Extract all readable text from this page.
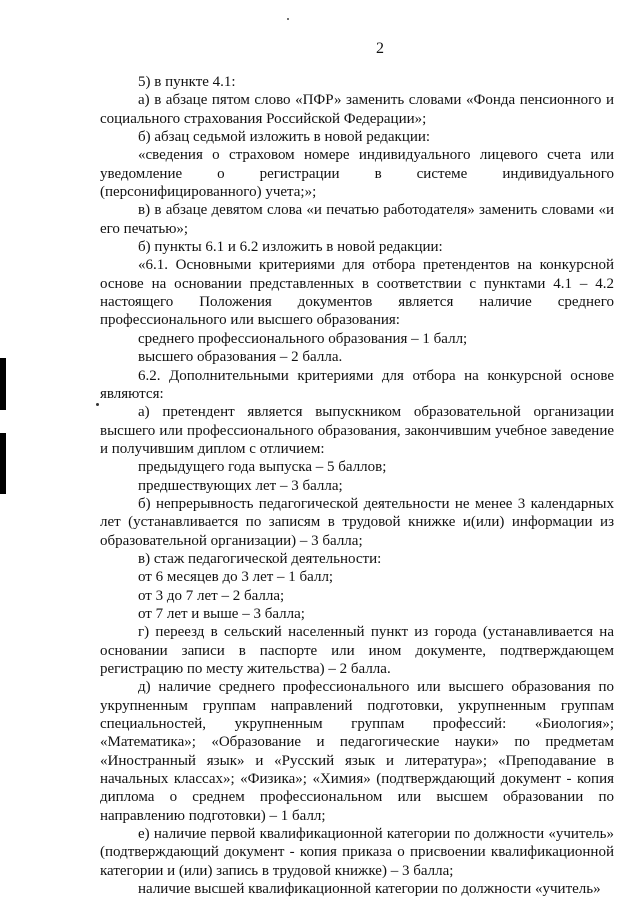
2

5) в пункте 4.1:

а) в абзаце пятом слово «ПФР» заменить словами «Фонда пенсионного и социального страхования Российской Федерации»;

б) абзац седьмой изложить в новой редакции:

«сведения о страховом номере индивидуального лицевого счета или уведомление о регистрации в системе индивидуального (персонифицированного) учета;»;

в) в абзаце девятом слова «и печатью работодателя» заменить словами «и его печатью»;

б) пункты 6.1 и 6.2 изложить в новой редакции:

«6.1. Основными критериями для отбора претендентов на конкурсной основе на основании представленных в соответствии с пунктами 4.1 – 4.2 настоящего Положения документов является наличие среднего профессионального или высшего образования:

среднего профессионального образования – 1 балл;

высшего образования – 2 балла.

6.2. Дополнительными критериями для отбора на конкурсной основе являются:

а) претендент является выпускником образовательной организации высшего или профессионального образования, закончившим учебное заведение и получившим диплом с отличием:

предыдущего года выпуска – 5 баллов;

предшествующих лет – 3 балла;

б) непрерывность педагогической деятельности не менее 3 календарных лет (устанавливается по записям в трудовой книжке и(или) информации из образовательной организации) – 3 балла;

в) стаж педагогической деятельности:

от 6 месяцев до 3 лет – 1 балл;

от 3 до 7 лет – 2 балла;

от 7 лет и выше – 3 балла;

г) переезд в сельский населенный пункт из города (устанавливается на основании записи в паспорте или ином документе, подтверждающем регистрацию по месту жительства) – 2 балла.

д) наличие среднего профессионального или высшего образования по укрупненным группам направлений подготовки, укрупненным группам специальностей, укрупненным группам профессий: «Биология»; «Математика»; «Образование и педагогические науки» по предметам «Иностранный язык» и «Русский язык и литература»; «Преподавание в начальных классах»; «Физика»; «Химия» (подтверждающий документ - копия диплома о среднем профессиональном или высшем образовании по направлению подготовки) – 1 балл;

е) наличие первой квалификационной категории по должности «учитель» (подтверждающий документ - копия приказа о присвоении квалификационной категории и (или) запись в трудовой книжке) – 3 балла;

наличие высшей квалификационной категории по должности «учитель»
